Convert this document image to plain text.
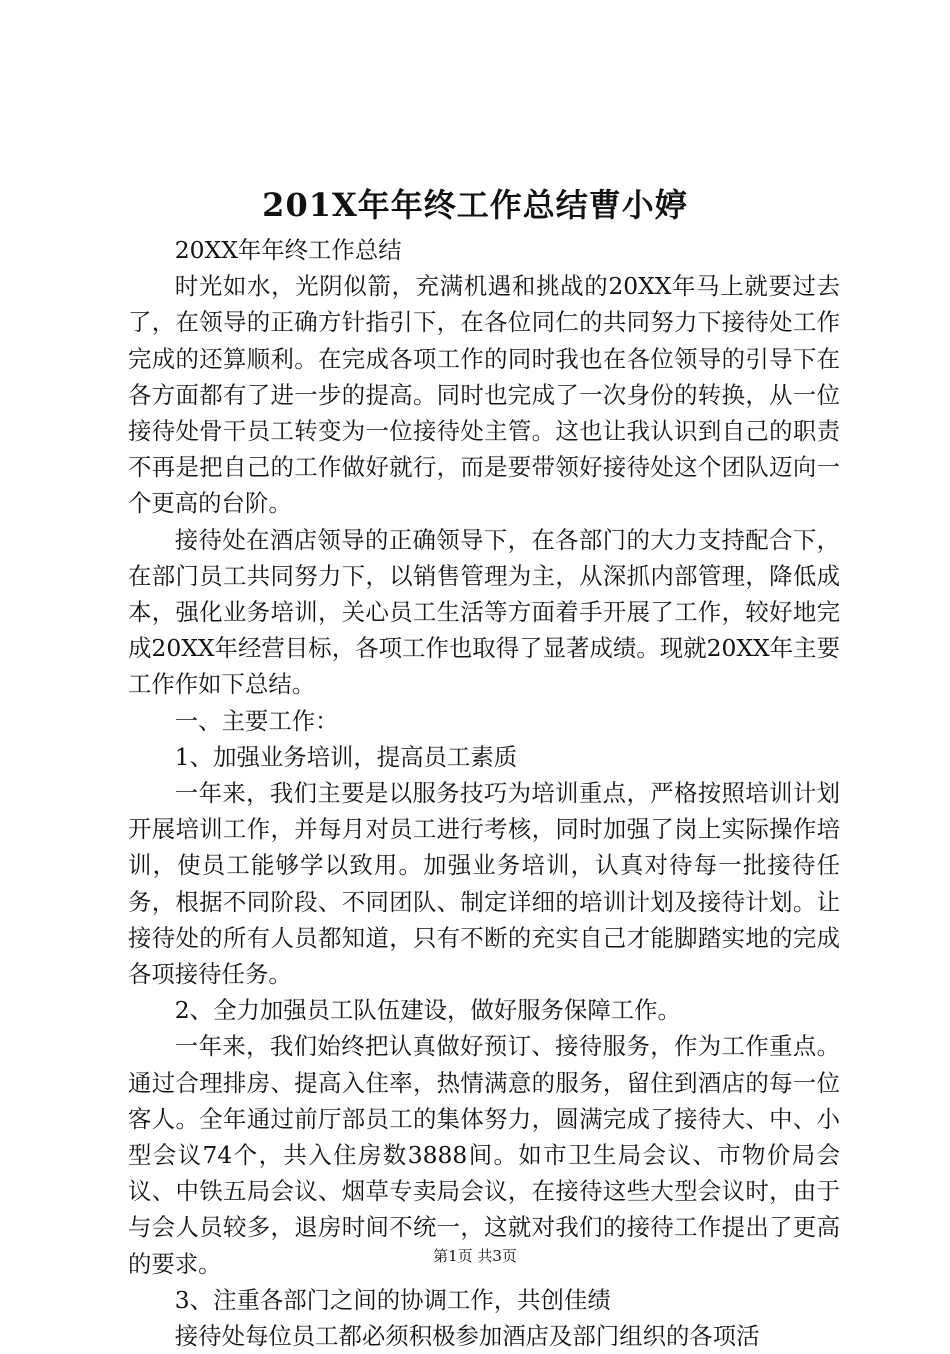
201X年年终工作总结曹小婷

20XX年年终工作总结

时光如水，光阴似箭，充满机遇和挑战的20XX年马上就要过去了，在领导的正确方针指引下，在各位同仁的共同努力下接待处工作完成的还算顺利。在完成各项工作的同时我也在各位领导的引导下在各方面都有了进一步的提高。同时也完成了一次身份的转换，从一位接待处骨干员工转变为一位接待处主管。这也让我认识到自己的职责不再是把自己的工作做好就行，而是要带领好接待处这个团队迈向一个更高的台阶。

接待处在酒店领导的正确领导下，在各部门的大力支持配合下，在部门员工共同努力下，以销售管理为主，从深抓内部管理，降低成本，强化业务培训，关心员工生活等方面着手开展了工作，较好地完成20XX年经营目标，各项工作也取得了显著成绩。现就20XX年主要工作作如下总结。

一、主要工作：

1、加强业务培训，提高员工素质

一年来，我们主要是以服务技巧为培训重点，严格按照培训计划开展培训工作，并每月对员工进行考核，同时加强了岗上实际操作培训，使员工能够学以致用。加强业务培训，认真对待每一批接待任务，根据不同阶段、不同团队、制定详细的培训计划及接待计划。让接待处的所有人员都知道，只有不断的充实自己才能脚踏实地的完成各项接待任务。

2、全力加强员工队伍建设，做好服务保障工作。

一年来，我们始终把认真做好预订、接待服务，作为工作重点。通过合理排房、提高入住率，热情满意的服务，留住到酒店的每一位客人。全年通过前厅部员工的集体努力，圆满完成了接待大、中、小型会议74个，共入住房数3888间。如市卫生局会议、市物价局会议、中铁五局会议、烟草专卖局会议，在接待这些大型会议时，由于与会人员较多，退房时间不统一，这就对我们的接待工作提出了更高的要求。

3、注重各部门之间的协调工作，共创佳绩

接待处每位员工都必须积极参加酒店及部门组织的各项活

第1页 共3页
